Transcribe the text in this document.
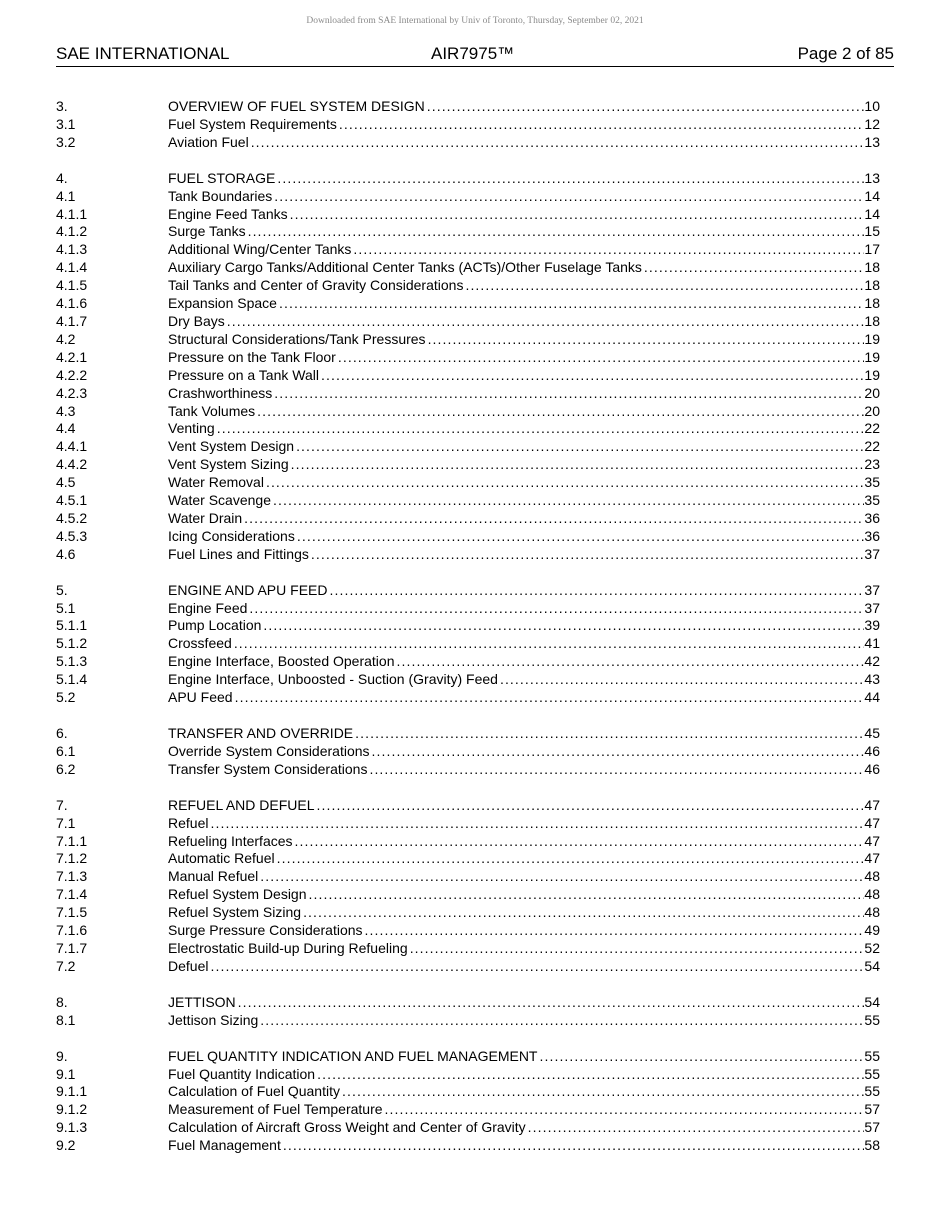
Downloaded from SAE International by Univ of Toronto, Thursday, September 02, 2021
SAE INTERNATIONAL	AIR7975™	Page 2 of 85
3.	OVERVIEW OF FUEL SYSTEM DESIGN .....	10
3.1	Fuel System Requirements .....	12
3.2	Aviation Fuel .....	13
4.	FUEL STORAGE .....	13
4.1	Tank Boundaries .....	14
4.1.1	Engine Feed Tanks .....	14
4.1.2	Surge Tanks .....	15
4.1.3	Additional Wing/Center Tanks .....	17
4.1.4	Auxiliary Cargo Tanks/Additional Center Tanks (ACTs)/Other Fuselage Tanks .....	18
4.1.5	Tail Tanks and Center of Gravity Considerations .....	18
4.1.6	Expansion Space .....	18
4.1.7	Dry Bays .....	18
4.2	Structural Considerations/Tank Pressures .....	19
4.2.1	Pressure on the Tank Floor .....	19
4.2.2	Pressure on a Tank Wall .....	19
4.2.3	Crashworthiness .....	20
4.3	Tank Volumes .....	20
4.4	Venting .....	22
4.4.1	Vent System Design .....	22
4.4.2	Vent System Sizing .....	23
4.5	Water Removal .....	35
4.5.1	Water Scavenge .....	35
4.5.2	Water Drain .....	36
4.5.3	Icing Considerations .....	36
4.6	Fuel Lines and Fittings .....	37
5.	ENGINE AND APU FEED .....	37
5.1	Engine Feed .....	37
5.1.1	Pump Location .....	39
5.1.2	Crossfeed .....	41
5.1.3	Engine Interface, Boosted Operation .....	42
5.1.4	Engine Interface, Unboosted - Suction (Gravity) Feed .....	43
5.2	APU Feed .....	44
6.	TRANSFER AND OVERRIDE .....	45
6.1	Override System Considerations .....	46
6.2	Transfer System Considerations .....	46
7.	REFUEL AND DEFUEL .....	47
7.1	Refuel .....	47
7.1.1	Refueling Interfaces .....	47
7.1.2	Automatic Refuel .....	47
7.1.3	Manual Refuel .....	48
7.1.4	Refuel System Design .....	48
7.1.5	Refuel System Sizing .....	48
7.1.6	Surge Pressure Considerations .....	49
7.1.7	Electrostatic Build-up During Refueling .....	52
7.2	Defuel .....	54
8.	JETTISON .....	54
8.1	Jettison Sizing .....	55
9.	FUEL QUANTITY INDICATION AND FUEL MANAGEMENT .....	55
9.1	Fuel Quantity Indication .....	55
9.1.1	Calculation of Fuel Quantity .....	55
9.1.2	Measurement of Fuel Temperature .....	57
9.1.3	Calculation of Aircraft Gross Weight and Center of Gravity .....	57
9.2	Fuel Management .....	58
